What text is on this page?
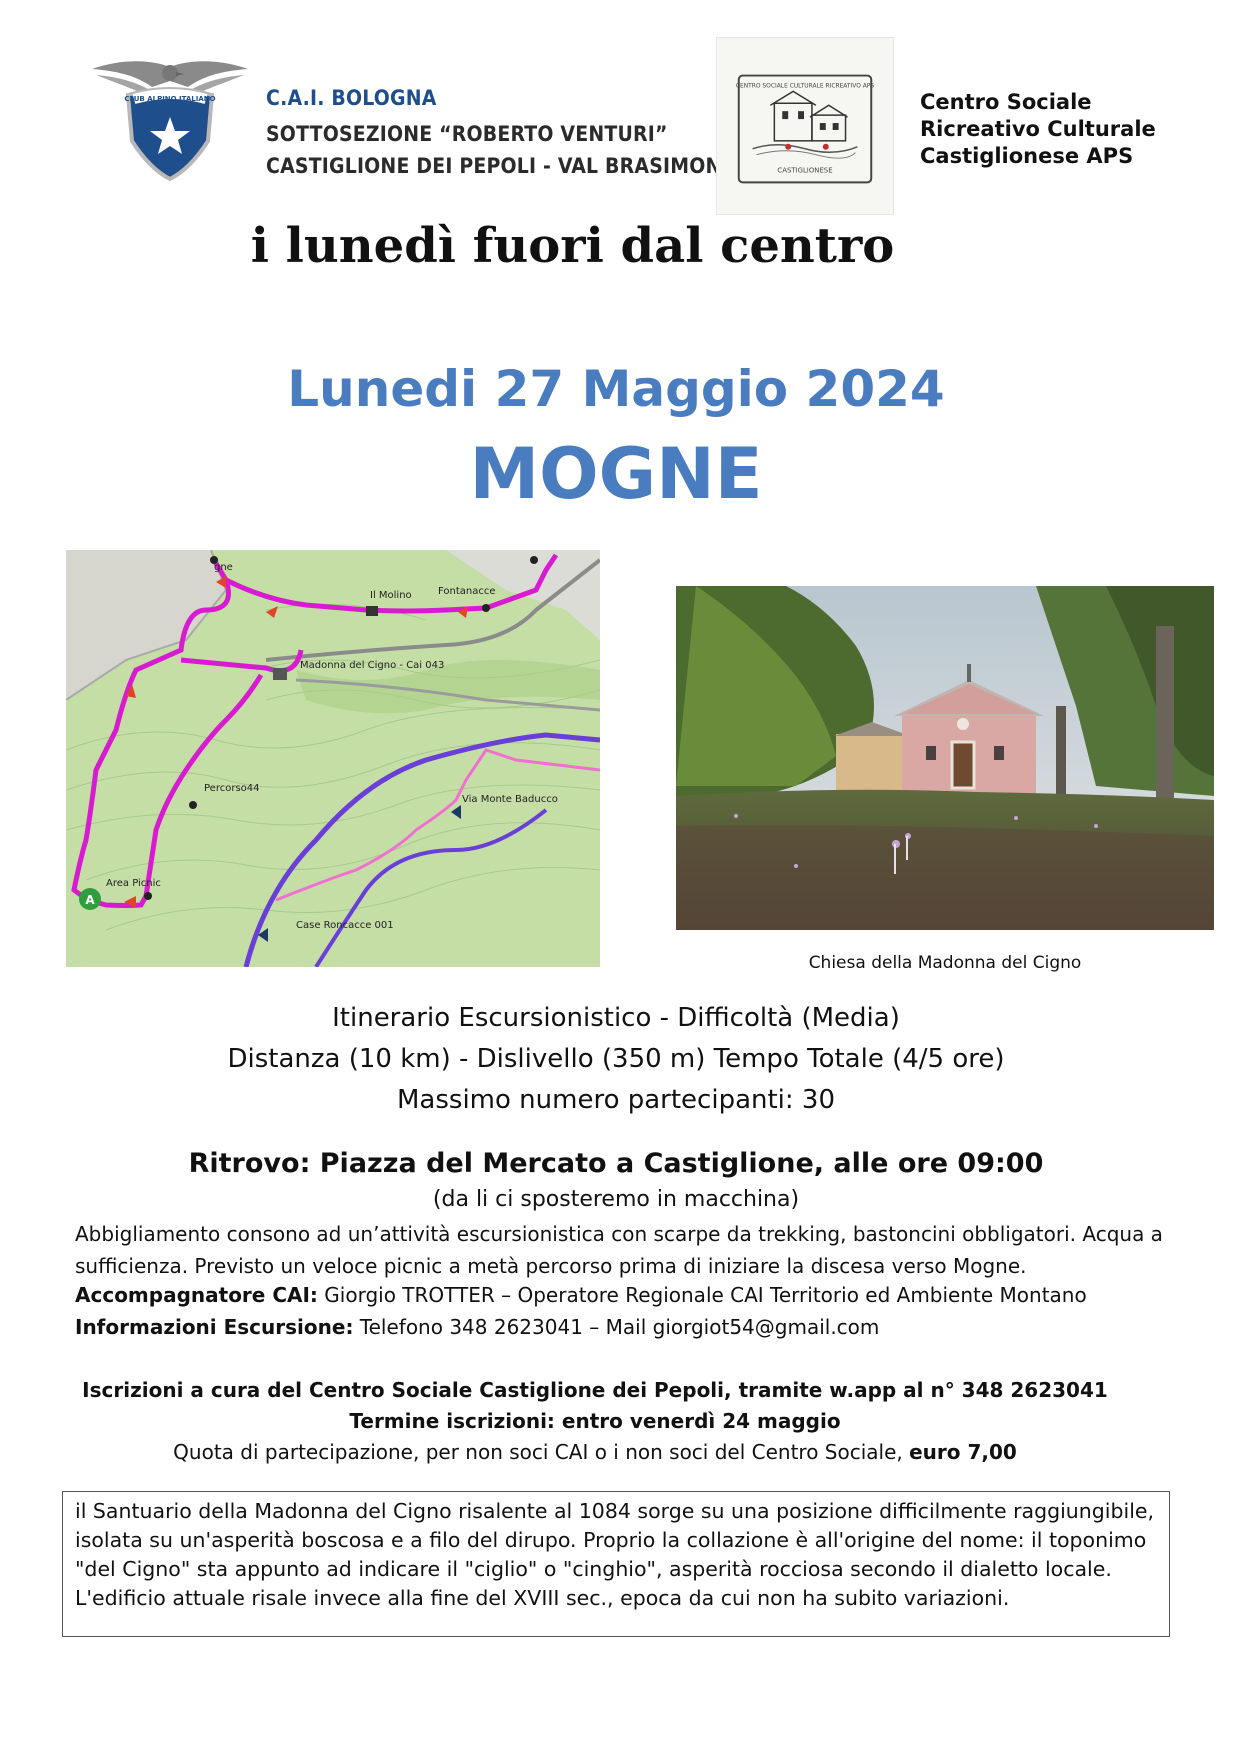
CLUB ALPINO ITALIANO C.A.I. BOLOGNA
SOTTOSEZIONE “ROBERTO VENTURI”
CASTIGLIONE DEI PEPOLI - VAL BRASIMONE
CENTRO SOCIALE CULTURALE RICREATIVO APS
CASTIGLIONESE
Centro Sociale
Ricreativo Culturale
Castiglionese APS
i lunedì fuori dal centro
Lunedi 27 Maggio 2024
MOGNE
A
gne
Il Molino	Fontanacce
Madonna del Cigno - Cai 043
Percorso44
Via Monte Baducco
Area Picnic
Case Roncacce 001
Chiesa della Madonna del Cigno
Itinerario Escursionistico - Difficoltà (Media)
Distanza (10 km) - Dislivello (350 m) Tempo Totale (4/5 ore)
Massimo numero partecipanti: 30
Ritrovo: Piazza del Mercato a Castiglione, alle ore 09:00
(da li ci sposteremo in macchina)
Abbigliamento consono ad un’attività escursionistica con scarpe da trekking, bastoncini obbligatori. Acqua a sufficienza. Previsto un veloce picnic a metà percorso prima di iniziare la discesa verso Mogne.
Accompagnatore CAI: Giorgio TROTTER – Operatore Regionale CAI Territorio ed Ambiente Montano
Informazioni Escursione: Telefono 348 2623041 – Mail giorgiot54@gmail.com
Iscrizioni a cura del Centro Sociale Castiglione dei Pepoli, tramite w.app al n° 348 2623041
Termine iscrizioni: entro venerdì 24 maggio
Quota di partecipazione, per non soci CAI o i non soci del Centro Sociale, euro 7,00
il Santuario della Madonna del Cigno risalente al 1084 sorge su una posizione difficilmente raggiungibile, isolata su un'asperità boscosa e a filo del dirupo. Proprio la collazione è all'origine del nome: il toponimo "del Cigno" sta appunto ad indicare il "ciglio" o "cinghio", asperità rocciosa secondo il dialetto locale. L'edificio attuale risale invece alla fine del XVIII sec., epoca da cui non ha subito variazioni.
